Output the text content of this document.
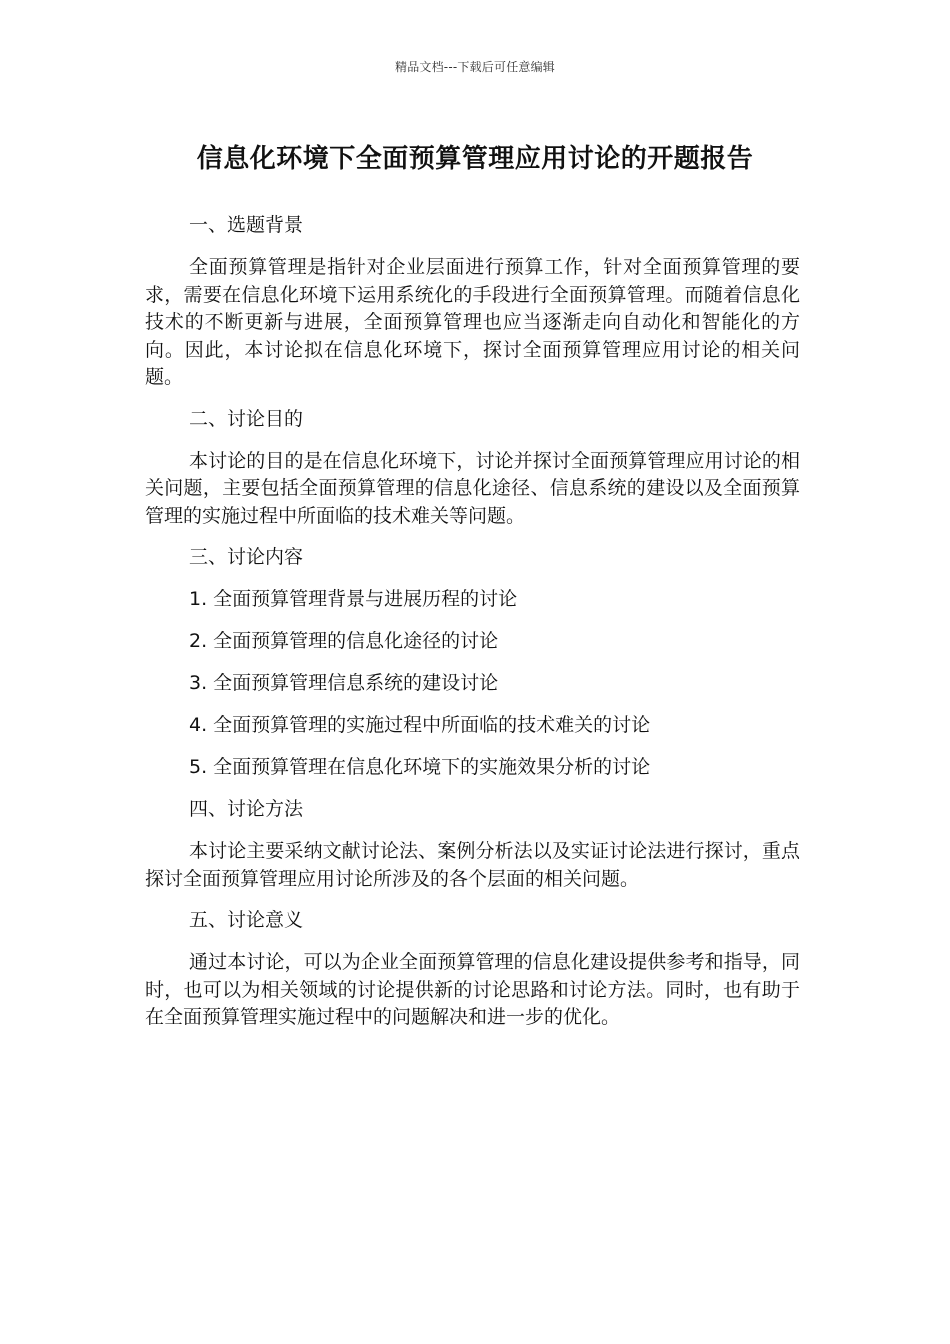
精品文档---下载后可任意编辑
信息化环境下全面预算管理应用讨论的开题报告
一、选题背景

全面预算管理是指针对企业层面进行预算工作，针对全面预算管理的要求，需要在信息化环境下运用系统化的手段进行全面预算管理。而随着信息化技术的不断更新与进展，全面预算管理也应当逐渐走向自动化和智能化的方向。因此，本讨论拟在信息化环境下，探讨全面预算管理应用讨论的相关问题。

二、讨论目的

本讨论的目的是在信息化环境下，讨论并探讨全面预算管理应用讨论的相关问题，主要包括全面预算管理的信息化途径、信息系统的建设以及全面预算管理的实施过程中所面临的技术难关等问题。

三、讨论内容
1. 全面预算管理背景与进展历程的讨论
2. 全面预算管理的信息化途径的讨论
3. 全面预算管理信息系统的建设讨论
4. 全面预算管理的实施过程中所面临的技术难关的讨论
5. 全面预算管理在信息化环境下的实施效果分析的讨论
四、讨论方法

本讨论主要采纳文献讨论法、案例分析法以及实证讨论法进行探讨，重点探讨全面预算管理应用讨论所涉及的各个层面的相关问题。

五、讨论意义

通过本讨论，可以为企业全面预算管理的信息化建设提供参考和指导，同时，也可以为相关领域的讨论提供新的讨论思路和讨论方法。同时，也有助于在全面预算管理实施过程中的问题解决和进一步的优化。
